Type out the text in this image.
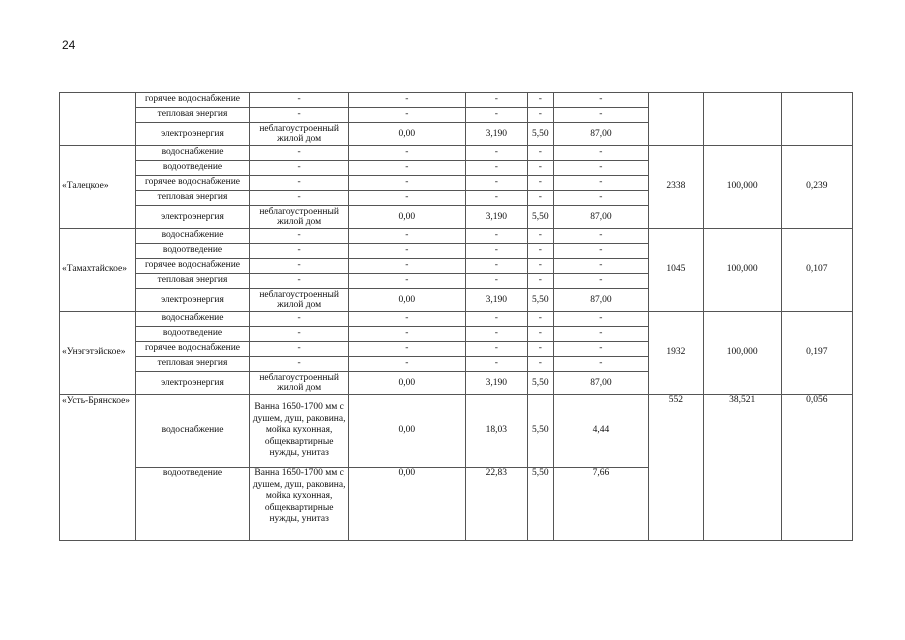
24
	горячее водоснабжение	-	-	-	-	-			
	тепловая энергия	-	-	-	-	-			
	электроэнергия	неблагоустроенный жилой дом	0,00	3,190	5,50	87,00			
«Талецкое»	водоснабжение	-	-	-	-	-	2338	100,000	0,239
	водоотведение	-	-	-	-	-			
	горячее водоснабжение	-	-	-	-	-			
	тепловая энергия	-	-	-	-	-			
	электроэнергия	неблагоустроенный жилой дом	0,00	3,190	5,50	87,00			
«Тамахтайское»	водоснабжение	-	-	-	-	-	1045	100,000	0,107
	водоотведение	-	-	-	-	-			
	горячее водоснабжение	-	-	-	-	-			
	тепловая энергия	-	-	-	-	-			
	электроэнергия	неблагоустроенный жилой дом	0,00	3,190	5,50	87,00			
«Унэгэтэйское»	водоснабжение	-	-	-	-	-	1932	100,000	0,197
	водоотведение	-	-	-	-	-			
	горячее водоснабжение	-	-	-	-	-			
	тепловая энергия	-	-	-	-	-			
	электроэнергия	неблагоустроенный жилой дом	0,00	3,190	5,50	87,00			
«Усть-Брянское»	водоснабжение	Ванна 1650-1700 мм с душем, душ, раковина, мойка кухонная, общеквартирные нужды, унитаз	0,00	18,03	5,50	4,44	552	38,521	0,056
	водоотведение	Ванна 1650-1700 мм с душем, душ, раковина, мойка кухонная, общеквартирные нужды, унитаз	0,00	22,83	5,50	7,66			
